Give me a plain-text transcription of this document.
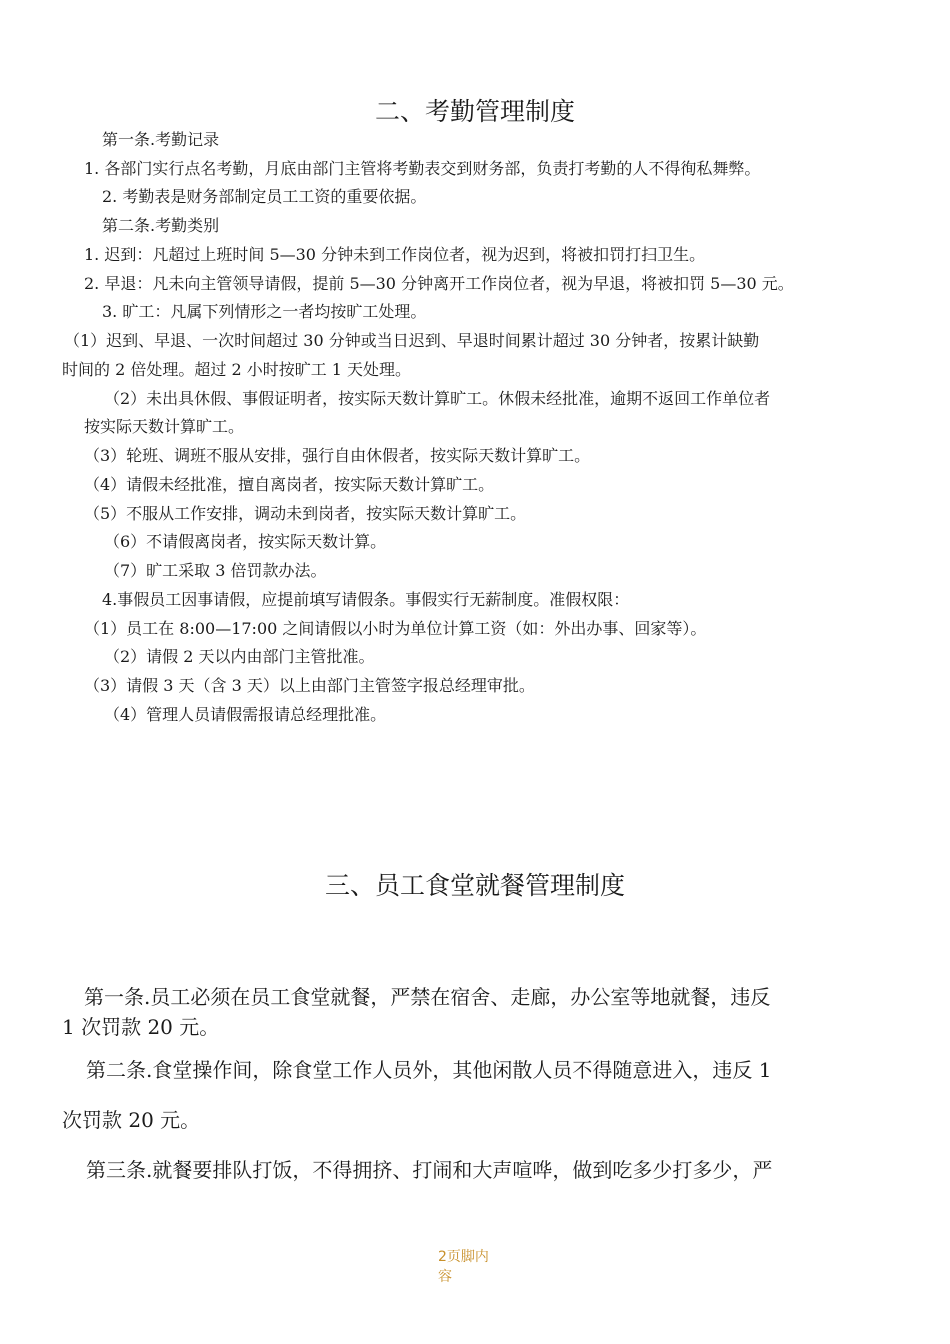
二、考勤管理制度

第一条.考勤记录

1. 各部门实行点名考勤，月底由部门主管将考勤表交到财务部，负责打考勤的人不得徇私舞弊。

2. 考勤表是财务部制定员工工资的重要依据。

第二条.考勤类别

1. 迟到：凡超过上班时间 5—30 分钟未到工作岗位者，视为迟到，将被扣罚打扫卫生。

2. 早退：凡未向主管领导请假，提前 5—30 分钟离开工作岗位者，视为早退，将被扣罚 5—30 元。

3. 旷工：凡属下列情形之一者均按旷工处理。

（1）迟到、早退、一次时间超过 30 分钟或当日迟到、早退时间累计超过 30 分钟者，按累计缺勤

时间的 2 倍处理。超过 2 小时按旷工 1 天处理。

（2）未出具休假、事假证明者，按实际天数计算旷工。休假未经批准，逾期不返回工作单位者

按实际天数计算旷工。

（3）轮班、调班不服从安排，强行自由休假者，按实际天数计算旷工。

（4）请假未经批准，擅自离岗者，按实际天数计算旷工。

（5）不服从工作安排，调动未到岗者，按实际天数计算旷工。

（6）不请假离岗者，按实际天数计算。

（7）旷工采取 3 倍罚款办法。

4.事假员工因事请假，应提前填写请假条。事假实行无薪制度。准假权限：

（1）员工在 8:00—17:00 之间请假以小时为单位计算工资（如：外出办事、回家等）。

（2）请假 2 天以内由部门主管批准。

（3）请假 3 天（含 3 天）以上由部门主管签字报总经理审批。

（4）管理人员请假需报请总经理批准。

三、员工食堂就餐管理制度

第一条.员工必须在员工食堂就餐，严禁在宿舍、走廊，办公室等地就餐，违反

1 次罚款 20 元。

第二条.食堂操作间，除食堂工作人员外，其他闲散人员不得随意进入，违反 1

次罚款 20 元。

第三条.就餐要排队打饭，不得拥挤、打闹和大声喧哗，做到吃多少打多少，严

2页脚内
容
